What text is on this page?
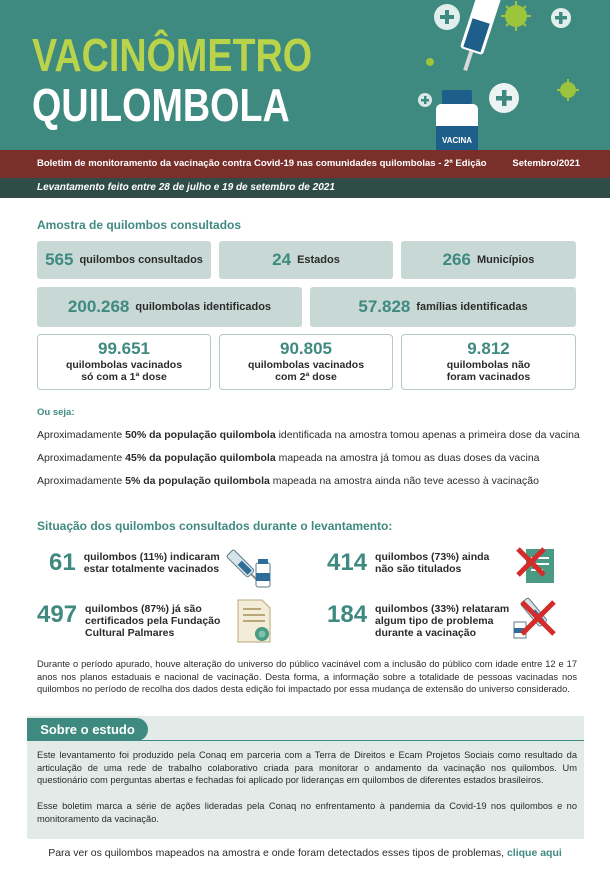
VACINA
VACINÔMETRO
QUILOMBOLA
Boletim de monitoramento da vacinação contra Covid-19 nas comunidades quilombolas - 2ª Edição	Setembro/2021
Levantamento feito entre 28 de julho e 19 de setembro de 2021
Amostra de quilombos consultados
565 quilombos consultados	24 Estados	266 Municípios
200.268 quilombolas identificados	57.828 famílias identificadas
99.651
quilombolas vacinados
só com a 1ª dose
90.805
quilombolas vacinados
com 2ª dose
9.812
quilombolas não
foram vacinados
Ou seja:
Aproximadamente 50% da população quilombola identificada na amostra tomou apenas a primeira dose da vacina
Aproximadamente 45% da população quilombola mapeada na amostra já tomou as duas doses da vacina
Aproximadamente 5% da população quilombola mapeada na amostra ainda não teve acesso à vacinação
Situação dos quilombos consultados durante o levantamento:
61 quilombos (11%) indicaram
estar totalmente vacinados	414 quilombos (73%) ainda
não são titulados
497 quilombos (87%) já são
certificados pela Fundação
Cultural Palmares
184 quilombos (33%) relataram
algum tipo de problema
durante a vacinação
Durante o período apurado, houve alteração do universo do público vacinável com a inclusão do público com idade entre 12 e 17 anos nos planos estaduais e nacional de vacinação. Desta forma, a informação sobre a totalidade de pessoas vacinadas nos quilombos no período de recolha dos dados desta edição foi impactado por essa mudança de extensão do universo considerado.
Sobre o estudo
Este levantamento foi produzido pela Conaq em parceria com a Terra de Direitos e Ecam Projetos Sociais como resultado da articulação de uma rede de trabalho colaborativo criada para monitorar o andamento da vacinação nos quilombos. Um questionário com perguntas abertas e fechadas foi aplicado por lideranças em quilombos de diferentes estados brasileiros.
Esse boletim marca a série de ações lideradas pela Conaq no enfrentamento à pandemia da Covid-19 nos quilombos e no monitoramento da vacinação.
Para ver os quilombos mapeados na amostra e onde foram detectados esses tipos de problemas, clique aqui
